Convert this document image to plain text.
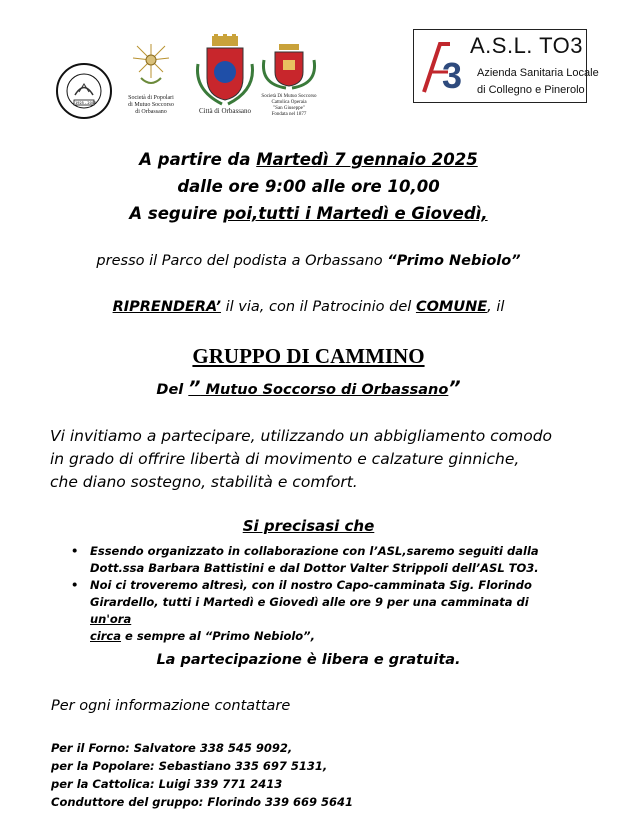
1925 - 2005
Società di Popolari
di Mutuo Soccorso
di Orbassano	Città di Orbassano
Società Di Mutuo Soccorso
Cattolica Operaia
"San Giuseppe"
Fondata nel 1877
3
A.S.L. TO3
Azienda Sanitaria Locale
di Collegno e Pinerolo
A partire da Martedì 7 gennaio 2025
dalle ore 9:00 alle ore 10,00
A seguire poi,tutti i Martedì e Giovedì,
presso il Parco del podista a Orbassano “Primo Nebiolo”
RIPRENDERA’ il via, con il Patrocinio del COMUNE, il
GRUPPO DI CAMMINO
Del ” Mutuo Soccorso di Orbassano”
Vi invitiamo a partecipare, utilizzando un abbigliamento comodo
in grado di offrire libertà di movimento e calzature ginniche,
che diano sostegno, stabilità e comfort.
Si precisasi che
• Essendo organizzato in collaborazione con l’ASL,saremo seguiti dalla
Dott.ssa Barbara Battistini e dal Dottor Valter Strippoli dell’ASL TO3.
• Noi ci troveremo altresì, con il nostro Capo-camminata Sig. Florindo
Girardello, tutti i Martedì e Giovedì alle ore 9 per una camminata di un'ora
circa e sempre al “Primo Nebiolo”,
La partecipazione è libera e gratuita.
Per ogni informazione contattare
Per il Forno: Salvatore 338 545 9092,
per la Popolare: Sebastiano 335 697 5131,
per la Cattolica: Luigi 339 771 2413
Conduttore del gruppo: Florindo 339 669 5641
